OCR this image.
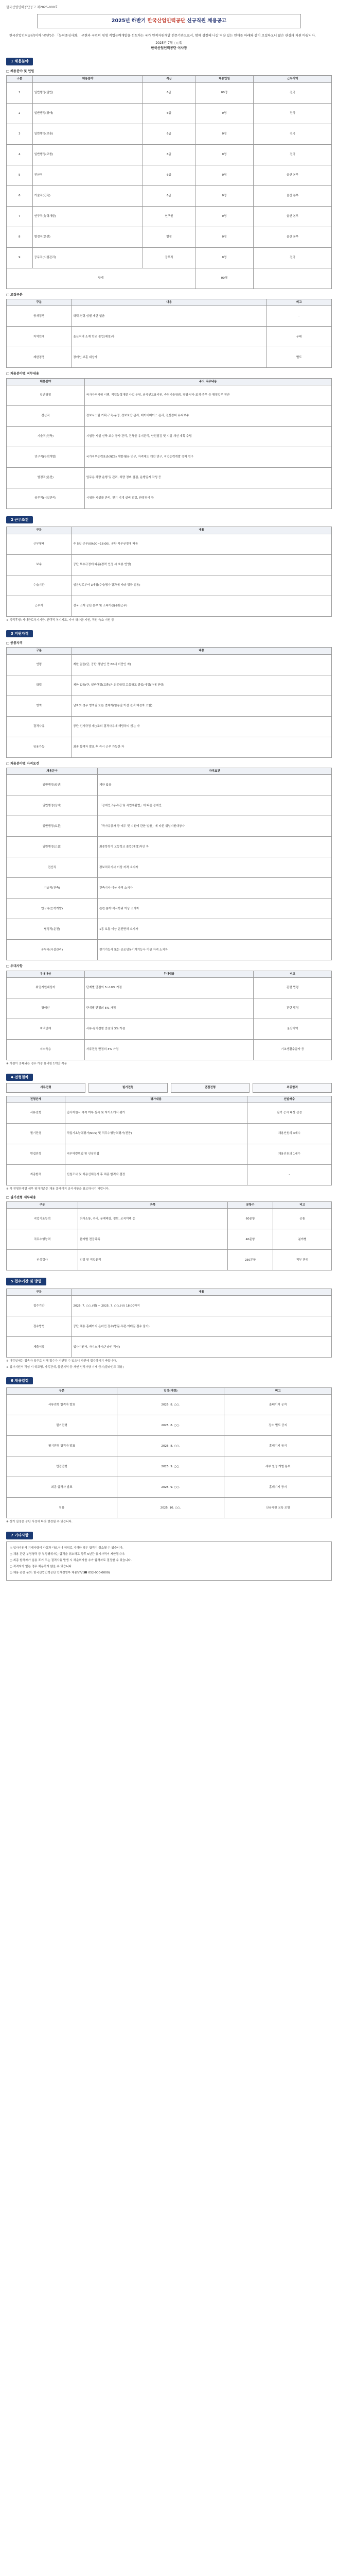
한국산업인력공단공고 제2025-000호
2025년 하반기 한국산업인력공단 신규직원 채용공고

한국산업인력공단(이하 '공단')은 「능력중심사회」 구현과 국민의 평생 직업능력개발을 선도하는 국가 인적자원개발 전문기관으로서, 함께 성장해 나갈 역량 있는 인재를 아래와 같이 모집하오니 많은 관심과 지원 바랍니다.

2025년 7월 ○○일
한국산업인력공단 이사장
1 채용분야
□ 채용분야 및 인원
구분	채용분야	직급	채용인원	근무지역
1	일반행정(일반)	6급	00명	전국
2	일반행정(장애)	6급	0명	전국
3	일반행정(보훈)	6급	0명	전국
4	일반행정(고졸)	6급	0명	전국
5	전산직	6급	0명	울산 본부
6	기술직(건축)	6급	0명	울산 본부
7	연구직(능력개발)	연구원	0명	울산 본부
8	별정직(운전)	별정	0명	울산 본부
9	공무직(시설관리)	공무직	0명	전국
합계			00명	
□ 모집구분
구분	내용	비고
공개경쟁	학력·연령·성별 제한 없음	-
지역인재	울산지역 소재 학교 졸업(예정)자	우대
제한경쟁	장애인·보훈 대상자	별도
□ 채용분야별 직무내용
채용분야	주요 직무내용
일반행정	국가자격시험 시행, 직업능력개발 사업 운영, 외국인고용지원, 숙련기술장려, 경영·인사·회계·총무 등 행정업무 전반
전산직	정보시스템 기획·구축·운영, 정보보안 관리, 데이터베이스 관리, 전산장비 유지보수
기술직(건축)	시험장 시설 신축·보수 공사 관리, 건축물 유지관리, 안전점검 및 시설 개선 계획 수립
연구직(능력개발)	국가직무능력표준(NCS) 개발·활용 연구, 자격제도 개선 연구, 직업능력개발 정책 연구
별정직(운전)	업무용 차량 운행 및 관리, 차량 정비·점검, 운행일지 작성 등
공무직(시설관리)	시험장 시설물 관리, 전기·기계 설비 점검, 환경정비 등
2 근무조건
구분	내용
근무형태	주 5일 근무(09:00~18:00), 공단 복무규정에 따름
보수	공단 보수규정에 따름(경력 인정 시 호봉 반영)
수습기간	임용일로부터 3개월(수습평가 결과에 따라 정규 임용)
근무지	전국 소재 공단 본부 및 소속기관(순환근무)

※ 복리후생: 사내근로복지기금, 선택적 복지제도, 자녀 학자금 지원, 직원 숙소 지원 등

3 지원자격
□ 공통자격
구분	내용
연령	제한 없음(단, 공단 정년인 만 60세 미만인 자)
학력	제한 없음(단, 일반행정(고졸)은 최종학력 고등학교 졸업(예정)자에 한함)
병역	남자의 경우 병역필 또는 면제자(임용일 이전 전역 예정자 포함)
결격사유	공단 인사규정 제○조의 결격사유에 해당하지 않는 자
임용가능	최종 합격자 발표 후 즉시 근무 가능한 자
□ 채용분야별 자격요건
채용분야	자격요건
일반행정(일반)	제한 없음
일반행정(장애)	「장애인고용촉진 및 직업재활법」에 따른 장애인
일반행정(보훈)	「국가유공자 등 예우 및 지원에 관한 법률」에 따른 취업지원대상자
일반행정(고졸)	최종학력이 고등학교 졸업(예정)자인 자
전산직	정보처리기사 이상 자격 소지자
기술직(건축)	건축기사 이상 자격 소지자
연구직(능력개발)	관련 분야 석사학위 이상 소지자
별정직(운전)	1종 보통 이상 운전면허 소지자
공무직(시설관리)	전기기능사 또는 공조냉동기계기능사 이상 자격 소지자
□ 우대사항
우대대상	우대내용	비고
취업지원대상자	단계별 만점의 5~10% 가점	관련 법령
장애인	단계별 만점의 5% 가점	관련 법령
지역인재	서류·필기전형 만점의 3% 가점	울산지역
저소득층	서류전형 만점의 3% 가점	기초생활수급자 등

※ 가점이 중복되는 경우 가장 유리한 1개만 적용

4 전형절차
서류전형	필기전형	면접전형	최종합격
전형단계	평가내용	선발배수
서류전형	입사지원서 적격 여부 심사 및 자기소개서 평가	필기 응시 대상 선정
필기전형	직업기초능력평가(NCS) 및 직무수행능력평가(전공)	채용인원의 3배수
면접전형	직무역량면접 및 인성면접	채용인원의 1배수
최종합격	신원조사 및 채용신체검사 후 최종 합격자 결정	-

※ 각 전형단계별 세부 평가기준은 채용 홈페이지 공지사항을 참고하시기 바랍니다.

□ 필기전형 세부내용
구분	과목	문항수	비고
직업기초능력	의사소통, 수리, 문제해결, 정보, 조직이해 등	60문항	공통
직무수행능력	분야별 전공과목	40문항	분야별
인성검사	인성 및 직업윤리	250문항	적부 판정
5 접수기간 및 방법
구분	내용
접수기간	2025. 7. ○○.(월) ~ 2025. 7. ○○.(금) 18:00까지
접수방법	공단 채용 홈페이지 온라인 접수(방문·우편·이메일 접수 불가)
제출서류	입사지원서, 자기소개서(온라인 작성)

※ 마감일에는 접속자 폭주로 인해 접수가 지연될 수 있으니 사전에 접수하시기 바랍니다.

※ 입사지원서 작성 시 학교명, 가족관계, 출신지역 등 개인 인적사항 기재 금지(블라인드 채용)

6 채용일정
구분	일정(예정)	비고
서류전형 합격자 발표	2025. 8. ○○.	홈페이지 공지
필기전형	2025. 8. ○○.	장소 별도 공지
필기전형 합격자 발표	2025. 8. ○○.	홈페이지 공지
면접전형	2025. 9. ○○.	세부 일정 개별 통보
최종 합격자 발표	2025. 9. ○○.	홈페이지 공지
임용	2025. 10. ○○.	신규직원 교육 포함

※ 상기 일정은 공단 사정에 따라 변경될 수 있습니다.

7 기타사항

○ 입사지원서 기재사항이 사실과 다르거나 허위로 기재한 경우 합격이 취소될 수 있습니다.

○ 채용 관련 부정청탁 등 부정행위자는 합격을 취소하고 향후 5년간 응시자격이 제한됩니다.

○ 최종 합격자가 임용 포기 또는 결격사유 발생 시 차순위자를 추가 합격자로 결정할 수 있습니다.

○ 적격자가 없는 경우 채용하지 않을 수 있습니다.

○ 채용 관련 문의: 한국산업인력공단 인재경영부 채용담당(☎ 052-000-0000)
